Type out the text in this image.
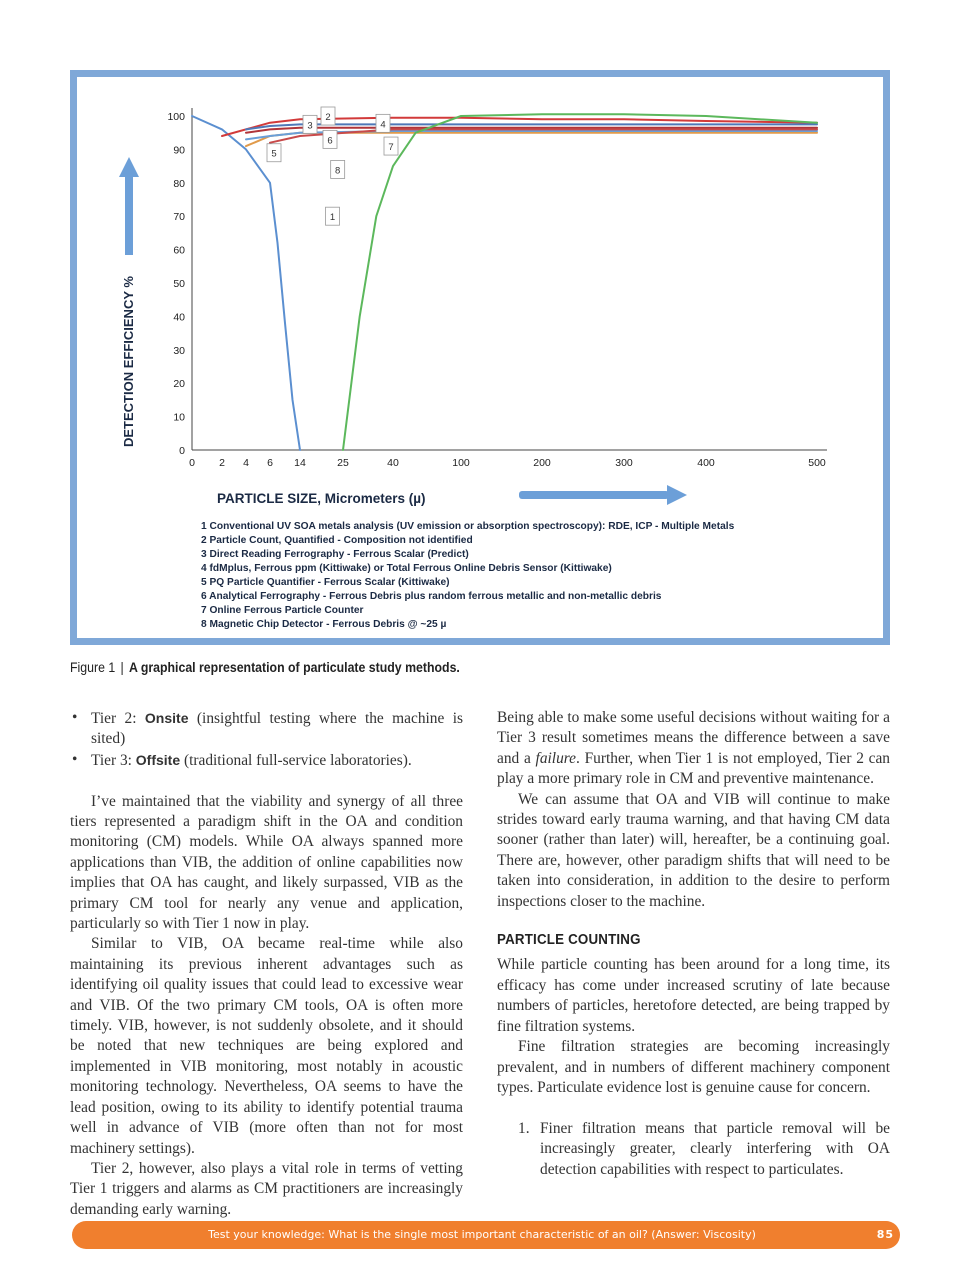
0
10
20
30
40
50
60
70
80
90
100
0 2 4 6 14	25	40	100	200	300	400	500
DETECTION EFFICIENCY %
PARTICLE SIZE, Micrometers (µ)
1
2
3	4
5
6
7
8
1 Conventional UV SOA metals analysis (UV emission or absorption spectroscopy): RDE, ICP - Multiple Metals
2 Particle Count, Quantified - Composition not identified
3 Direct Reading Ferrography - Ferrous Scalar (Predict)
4 fdMplus, Ferrous ppm (Kittiwake) or Total Ferrous Online Debris Sensor (Kittiwake)
5 PQ Particle Quantifier - Ferrous Scalar (Kittiwake)
6 Analytical Ferrography - Ferrous Debris plus random ferrous metallic and non-metallic debris
7 Online Ferrous Particle Counter
8 Magnetic Chip Detector - Ferrous Debris @ ~25 µ
Figure 1 | A graphical representation of particulate study methods.
• Tier 2: Onsite (insightful testing where the machine is sited)
• Tier 3: Offsite (traditional full-service laboratories).

I’ve maintained that the viability and synergy of all three tiers represented a paradigm shift in the OA and condition monitoring (CM) models. While OA always spanned more applications than VIB, the addition of online capabilities now implies that OA has caught, and likely surpassed, VIB as the primary CM tool for nearly any venue and application, particularly so with Tier 1 now in play.

Similar to VIB, OA became real-time while also maintaining its previous inherent advantages such as identifying oil quality issues that could lead to excessive wear and VIB. Of the two primary CM tools, OA is often more timely. VIB, however, is not suddenly obsolete, and it should be noted that new techniques are being explored and implemented in VIB monitoring, most notably in acoustic monitoring technology. Nevertheless, OA seems to have the lead position, owing to its ability to identify potential trauma well in advance of VIB (more often than not for most machinery settings).

Tier 2, however, also plays a vital role in terms of vetting Tier 1 triggers and alarms as CM practitioners are increasingly demanding early warning.

Being able to make some useful decisions without waiting for a Tier 3 result sometimes means the difference between a save and a failure. Further, when Tier 1 is not employed, Tier 2 can play a more primary role in CM and preventive maintenance.

We can assume that OA and VIB will continue to make strides toward early trauma warning, and that having CM data sooner (rather than later) will, hereafter, be a continuing goal. There are, however, other paradigm shifts that will need to be taken into consideration, in addition to the desire to perform inspections closer to the machine.

PARTICLE COUNTING

While particle counting has been around for a long time, its efficacy has come under increased scrutiny of late because numbers of particles, heretofore detected, are being trapped by fine filtration systems.

Fine filtration strategies are becoming increasingly prevalent, and in numbers of different machinery component types. Particulate evidence lost is genuine cause for concern.

1. Finer filtration means that particle removal will be increasingly greater, clearly interfering with OA detection capabilities with respect to particulates.
Test your knowledge: What is the single most important characteristic of an oil? (Answer: Viscosity)	85
